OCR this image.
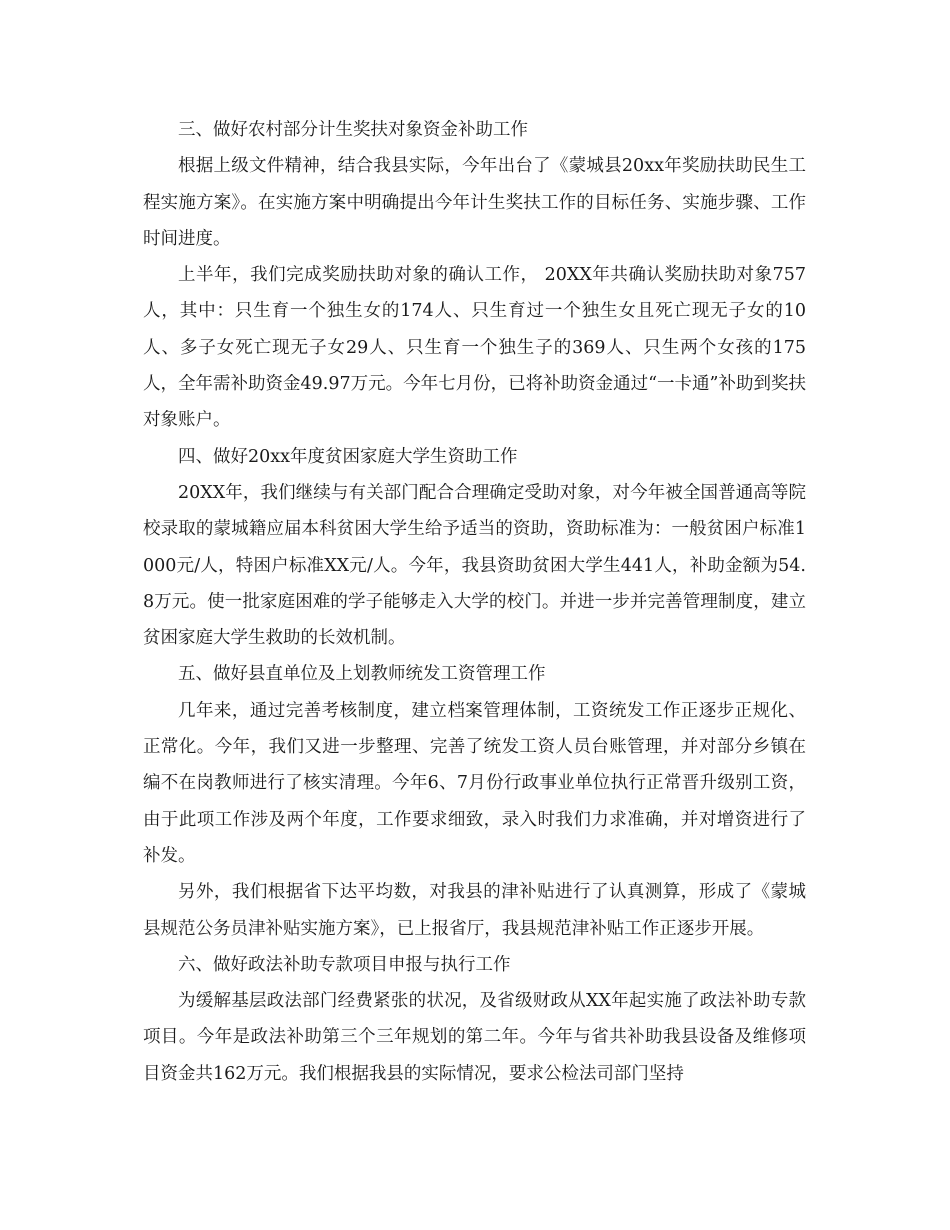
三、做好农村部分计生奖扶对象资金补助工作

根据上级文件精神，结合我县实际，今年出台了《蒙城县20xx年奖励扶助民生工程实施方案》。在实施方案中明确提出今年计生奖扶工作的目标任务、实施步骤、工作时间进度。

上半年，我们完成奖励扶助对象的确认工作， 20XX年共确认奖励扶助对象757人，其中：只生育一个独生女的174人、只生育过一个独生女且死亡现无子女的10人、多子女死亡现无子女29人、只生育一个独生子的369人、只生两个女孩的175人，全年需补助资金49.97万元。今年七月份，已将补助资金通过“一卡通”补助到奖扶对象账户。

四、做好20xx年度贫困家庭大学生资助工作

20XX年，我们继续与有关部门配合合理确定受助对象，对今年被全国普通高等院校录取的蒙城籍应届本科贫困大学生给予适当的资助，资助标准为：一般贫困户标准1000元/人，特困户标准XX元/人。今年，我县资助贫困大学生441人，补助金额为54.8万元。使一批家庭困难的学子能够走入大学的校门。并进一步并完善管理制度，建立贫困家庭大学生救助的长效机制。

五、做好县直单位及上划教师统发工资管理工作

几年来，通过完善考核制度，建立档案管理体制，工资统发工作正逐步正规化、正常化。今年，我们又进一步整理、完善了统发工资人员台账管理，并对部分乡镇在编不在岗教师进行了核实清理。今年6、7月份行政事业单位执行正常晋升级别工资，由于此项工作涉及两个年度，工作要求细致，录入时我们力求准确，并对增资进行了补发。

另外，我们根据省下达平均数，对我县的津补贴进行了认真测算，形成了《蒙城县规范公务员津补贴实施方案》，已上报省厅，我县规范津补贴工作正逐步开展。

六、做好政法补助专款项目申报与执行工作

为缓解基层政法部门经费紧张的状况，及省级财政从XX年起实施了政法补助专款项目。今年是政法补助第三个三年规划的第二年。今年与省共补助我县设备及维修项目资金共162万元。我们根据我县的实际情况，要求公检法司部门坚持
